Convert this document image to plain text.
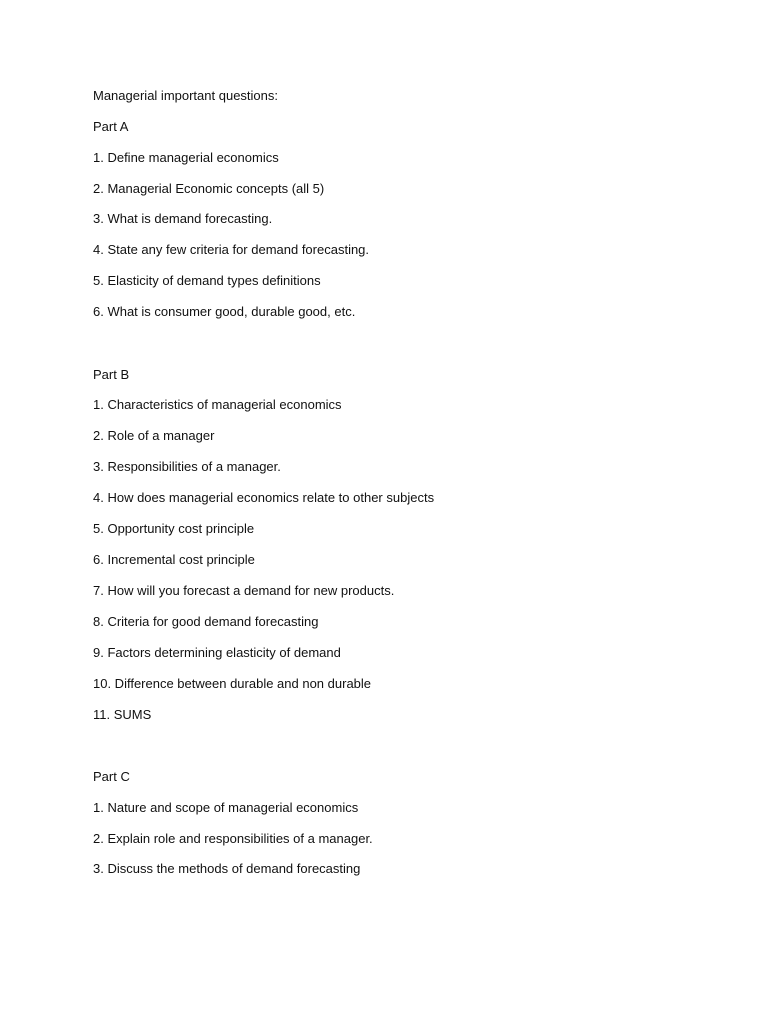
Managerial important questions:
Part A
1. Define managerial economics
2. Managerial Economic concepts (all 5)
3. What is demand forecasting.
4. State any few criteria for demand forecasting.
5. Elasticity of demand types definitions
6. What is consumer good, durable good, etc.
Part B
1. Characteristics of managerial economics
2. Role of a manager
3. Responsibilities of a manager.
4. How does managerial economics relate to other subjects
5. Opportunity cost principle
6. Incremental cost principle
7. How will you forecast a demand for new products.
8. Criteria for good demand forecasting
9. Factors determining elasticity of demand
10. Difference between durable and non durable
11. SUMS
Part C
1. Nature and scope of managerial economics
2. Explain role and responsibilities of a manager.
3. Discuss the methods of demand forecasting
